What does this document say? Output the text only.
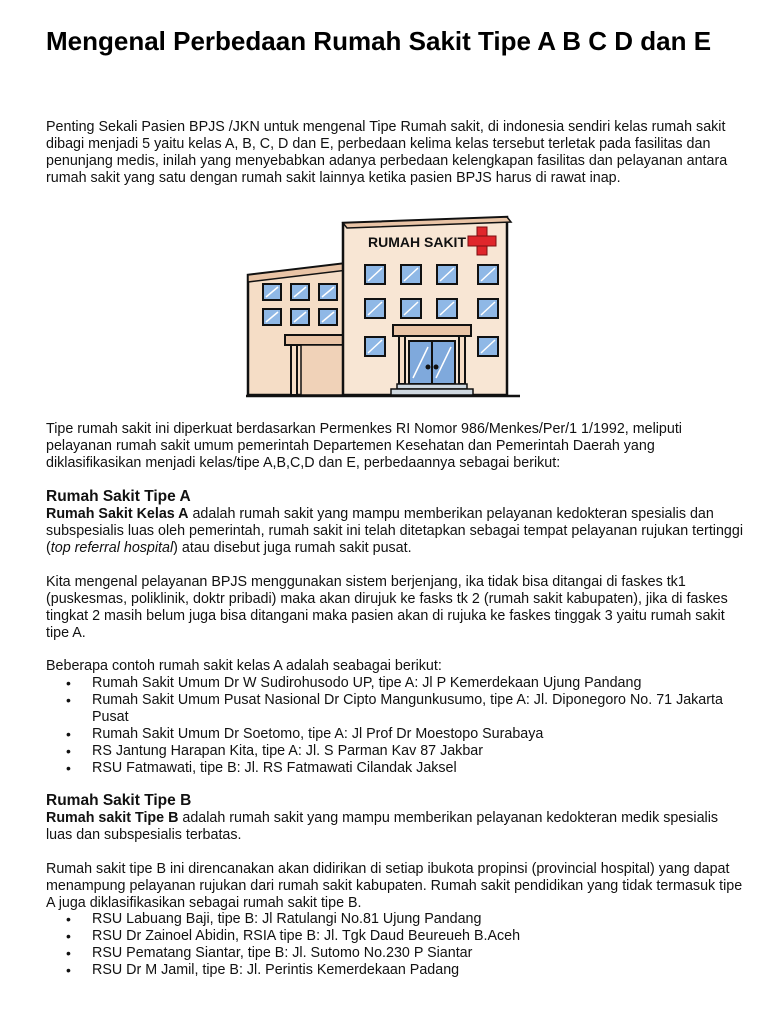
Mengenal Perbedaan Rumah Sakit Tipe A B C D dan E

Penting Sekali Pasien BPJS /JKN untuk mengenal Tipe Rumah sakit, di indonesia sendiri kelas rumah sakit dibagi menjadi 5 yaitu kelas A, B, C, D dan E, perbedaan kelima kelas tersebut terletak pada fasilitas dan penunjang medis, inilah yang menyebabkan adanya perbedaan kelengkapan fasilitas dan pelayanan antara rumah sakit yang satu dengan rumah sakit lainnya ketika pasien BPJS harus di rawat inap.

RUMAH SAKIT

Tipe rumah sakit ini diperkuat berdasarkan Permenkes RI Nomor 986/Menkes/Per/1 1/1992, meliputi pelayanan rumah sakit umum pemerintah Departemen Kesehatan dan Pemerintah Daerah yang diklasifikasikan menjadi kelas/tipe A,B,C,D dan E, perbedaannya sebagai berikut:

Rumah Sakit Tipe A

Rumah Sakit Kelas A adalah rumah sakit yang mampu memberikan pelayanan kedokteran spesialis dan subspesialis luas oleh pemerintah, rumah sakit ini telah ditetapkan sebagai tempat pelayanan rujukan tertinggi (top referral hospital) atau disebut juga rumah sakit pusat.

Kita mengenal pelayanan BPJS menggunakan sistem berjenjang, ika tidak bisa ditangai di faskes tk1 (puskesmas, poliklinik, doktr pribadi) maka akan dirujuk ke fasks tk 2 (rumah sakit kabupaten), jika di faskes tingkat 2 masih belum juga bisa ditangani maka pasien akan di rujuka ke faskes tinggak 3 yaitu rumah sakit tipe A.

Beberapa contoh rumah sakit kelas A adalah seabagai berikut:

• Rumah Sakit Umum Dr W Sudirohusodo UP, tipe A: Jl P Kemerdekaan Ujung Pandang
• Rumah Sakit Umum Pusat Nasional Dr Cipto Mangunkusumo, tipe A: Jl. Diponegoro No. 71 Jakarta Pusat
• Rumah Sakit Umum Dr Soetomo, tipe A: Jl Prof Dr Moestopo Surabaya
• RS Jantung Harapan Kita, tipe A: Jl. S Parman Kav 87 Jakbar
• RSU Fatmawati, tipe B: Jl. RS Fatmawati Cilandak Jaksel
Rumah Sakit Tipe B

Rumah sakit Tipe B adalah rumah sakit yang mampu memberikan pelayanan kedokteran medik spesialis luas dan subspesialis terbatas.

Rumah sakit tipe B ini direncanakan akan didirikan di setiap ibukota propinsi (provincial hospital) yang dapat menampung pelayanan rujukan dari rumah sakit kabupaten. Rumah sakit pendidikan yang tidak termasuk tipe A juga diklasifikasikan sebagai rumah sakit tipe B.

• RSU Labuang Baji, tipe B: Jl Ratulangi No.81 Ujung Pandang
• RSU Dr Zainoel Abidin, RSIA tipe B: Jl. Tgk Daud Beureueh B.Aceh
• RSU Pematang Siantar, tipe B: Jl. Sutomo No.230 P Siantar
• RSU Dr M Jamil, tipe B: Jl. Perintis Kemerdekaan Padang
